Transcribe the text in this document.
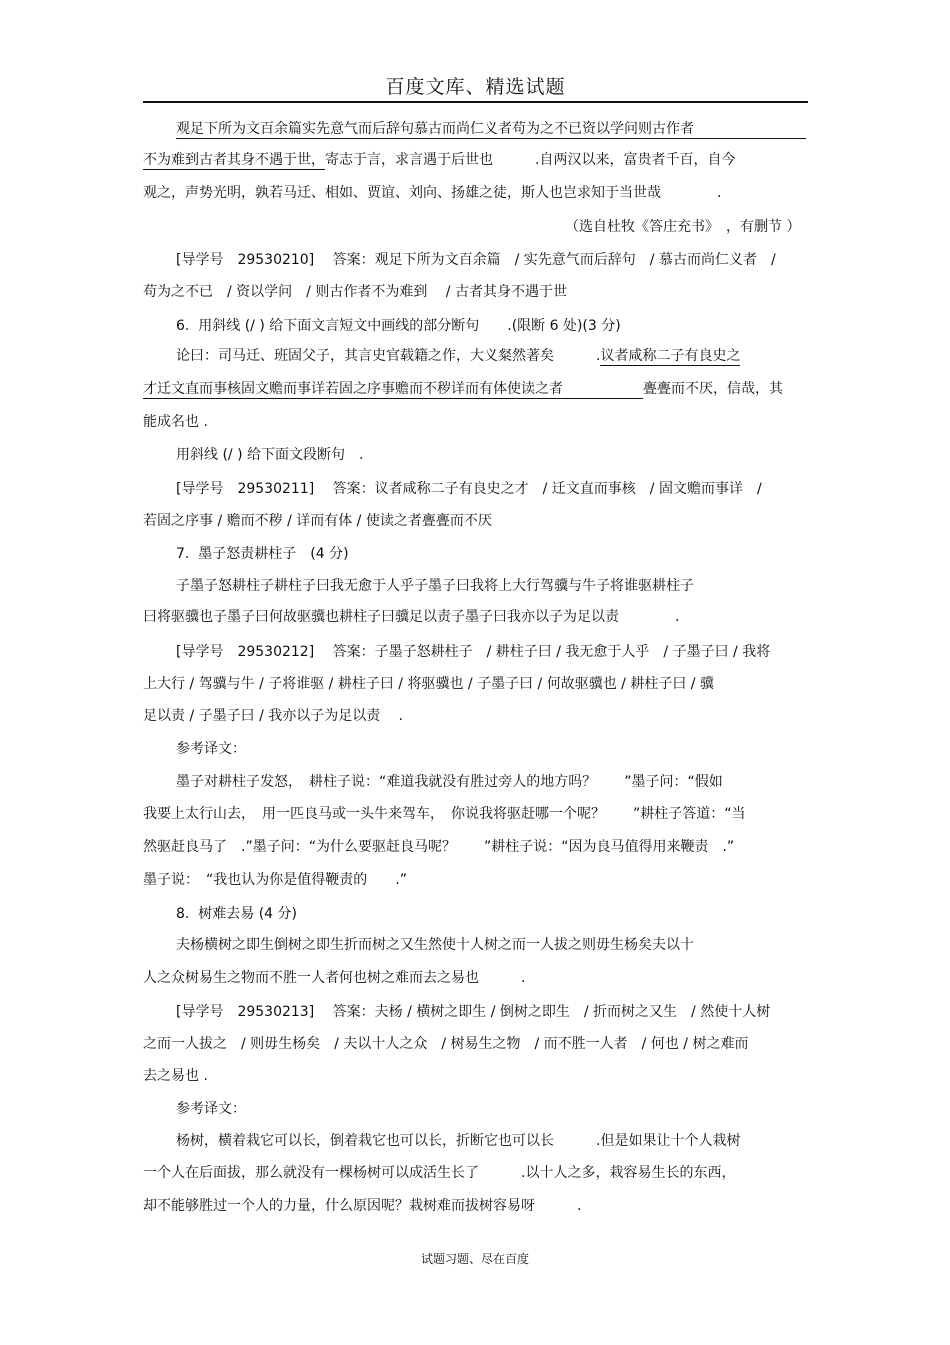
百度文库、精选试题
观足下所为文百余篇实先意气而后辞句慕古而尚仁义者苟为之不已资以学问则古作者
不为难到古者其身不遇于世，寄志于言，求言遇于后世也　　　.自两汉以来，富贵者千百，自今
观之，声势光明，孰若马迁、相如、贾谊、刘向、扬雄之徒，斯人也岂求知于当世哉　　　　.
（选自杜牧《答庄充书》　，有删节 ）
[导学号　29530210]　 答案：观足下所为文百余篇　/ 实先意气而后辞句　/ 慕古而尚仁义者　/
苟为之不已　/ 资以学问　/ 则古作者不为难到　 / 古者其身不遇于世
6.  用斜线 (/ ) 给下面文言短文中画线的部分断句　　.(限断 6 处)(3 分)
论曰：司马迁、班固父子，其言史官载籍之作，大义粲然著矣　　　.议者咸称二子有良史之
才迁文直而事核固文赡而事详若固之序事赡而不秽详而有体使读之者	亹亹而不厌，信哉，其
能成名也 .
用斜线 (/ ) 给下面文段断句　.
[导学号　29530211]　 答案：议者咸称二子有良史之才　/ 迁文直而事核　/ 固文赡而事详　/
若固之序事 / 赡而不秽 / 详而有体 / 使读之者亹亹而不厌
7.  墨子怒责耕柱子　(4 分)
子墨子怒耕柱子耕柱子曰我无愈于人乎子墨子曰我将上大行驾骥与牛子将谁驱耕柱子
曰将驱骥也子墨子曰何故驱骥也耕柱子曰骥足以责子墨子曰我亦以子为足以责　　　　.
[导学号　29530212]　 答案：子墨子怒耕柱子　/ 耕柱子曰 / 我无愈于人乎　/ 子墨子曰 / 我将
上大行 / 驾骥与牛 / 子将谁驱 / 耕柱子曰 / 将驱骥也 / 子墨子曰 / 何故驱骥也 / 耕柱子曰 / 骥
足以责 / 子墨子曰 / 我亦以子为足以责　 .
参考译文：
墨子对耕柱子发怒，　耕柱子说：“难道我就没有胜过旁人的地方吗？　　”墨子问：“假如
我要上太行山去，　用一匹良马或一头牛来驾车，　你说我将驱赶哪一个呢？　　”耕柱子答道：“当
然驱赶良马了　.”墨子问：“为什么要驱赶良马呢？　　”耕柱子说：“因为良马值得用来鞭责　.”
墨子说：　“我也认为你是值得鞭责的　　.”
8.  树难去易 (4 分)
夫杨横树之即生倒树之即生折而树之又生然使十人树之而一人拔之则毋生杨矣夫以十
人之众树易生之物而不胜一人者何也树之难而去之易也　　　.
[导学号　29530213]　 答案：夫杨 / 横树之即生 / 倒树之即生　/ 折而树之又生　/ 然使十人树
之而一人拔之　/ 则毋生杨矣　/ 夫以十人之众　/ 树易生之物　/ 而不胜一人者　/ 何也 / 树之难而
去之易也 .
参考译文：
杨树，横着栽它可以长，倒着栽它也可以长，折断它也可以长　　　.但是如果让十个人栽树
一个人在后面拔，那么就没有一棵杨树可以成活生长了　　　.以十人之多，栽容易生长的东西，
却不能够胜过一个人的力量，什么原因呢？栽树难而拔树容易呀　　　.
试题习题、尽在百度
